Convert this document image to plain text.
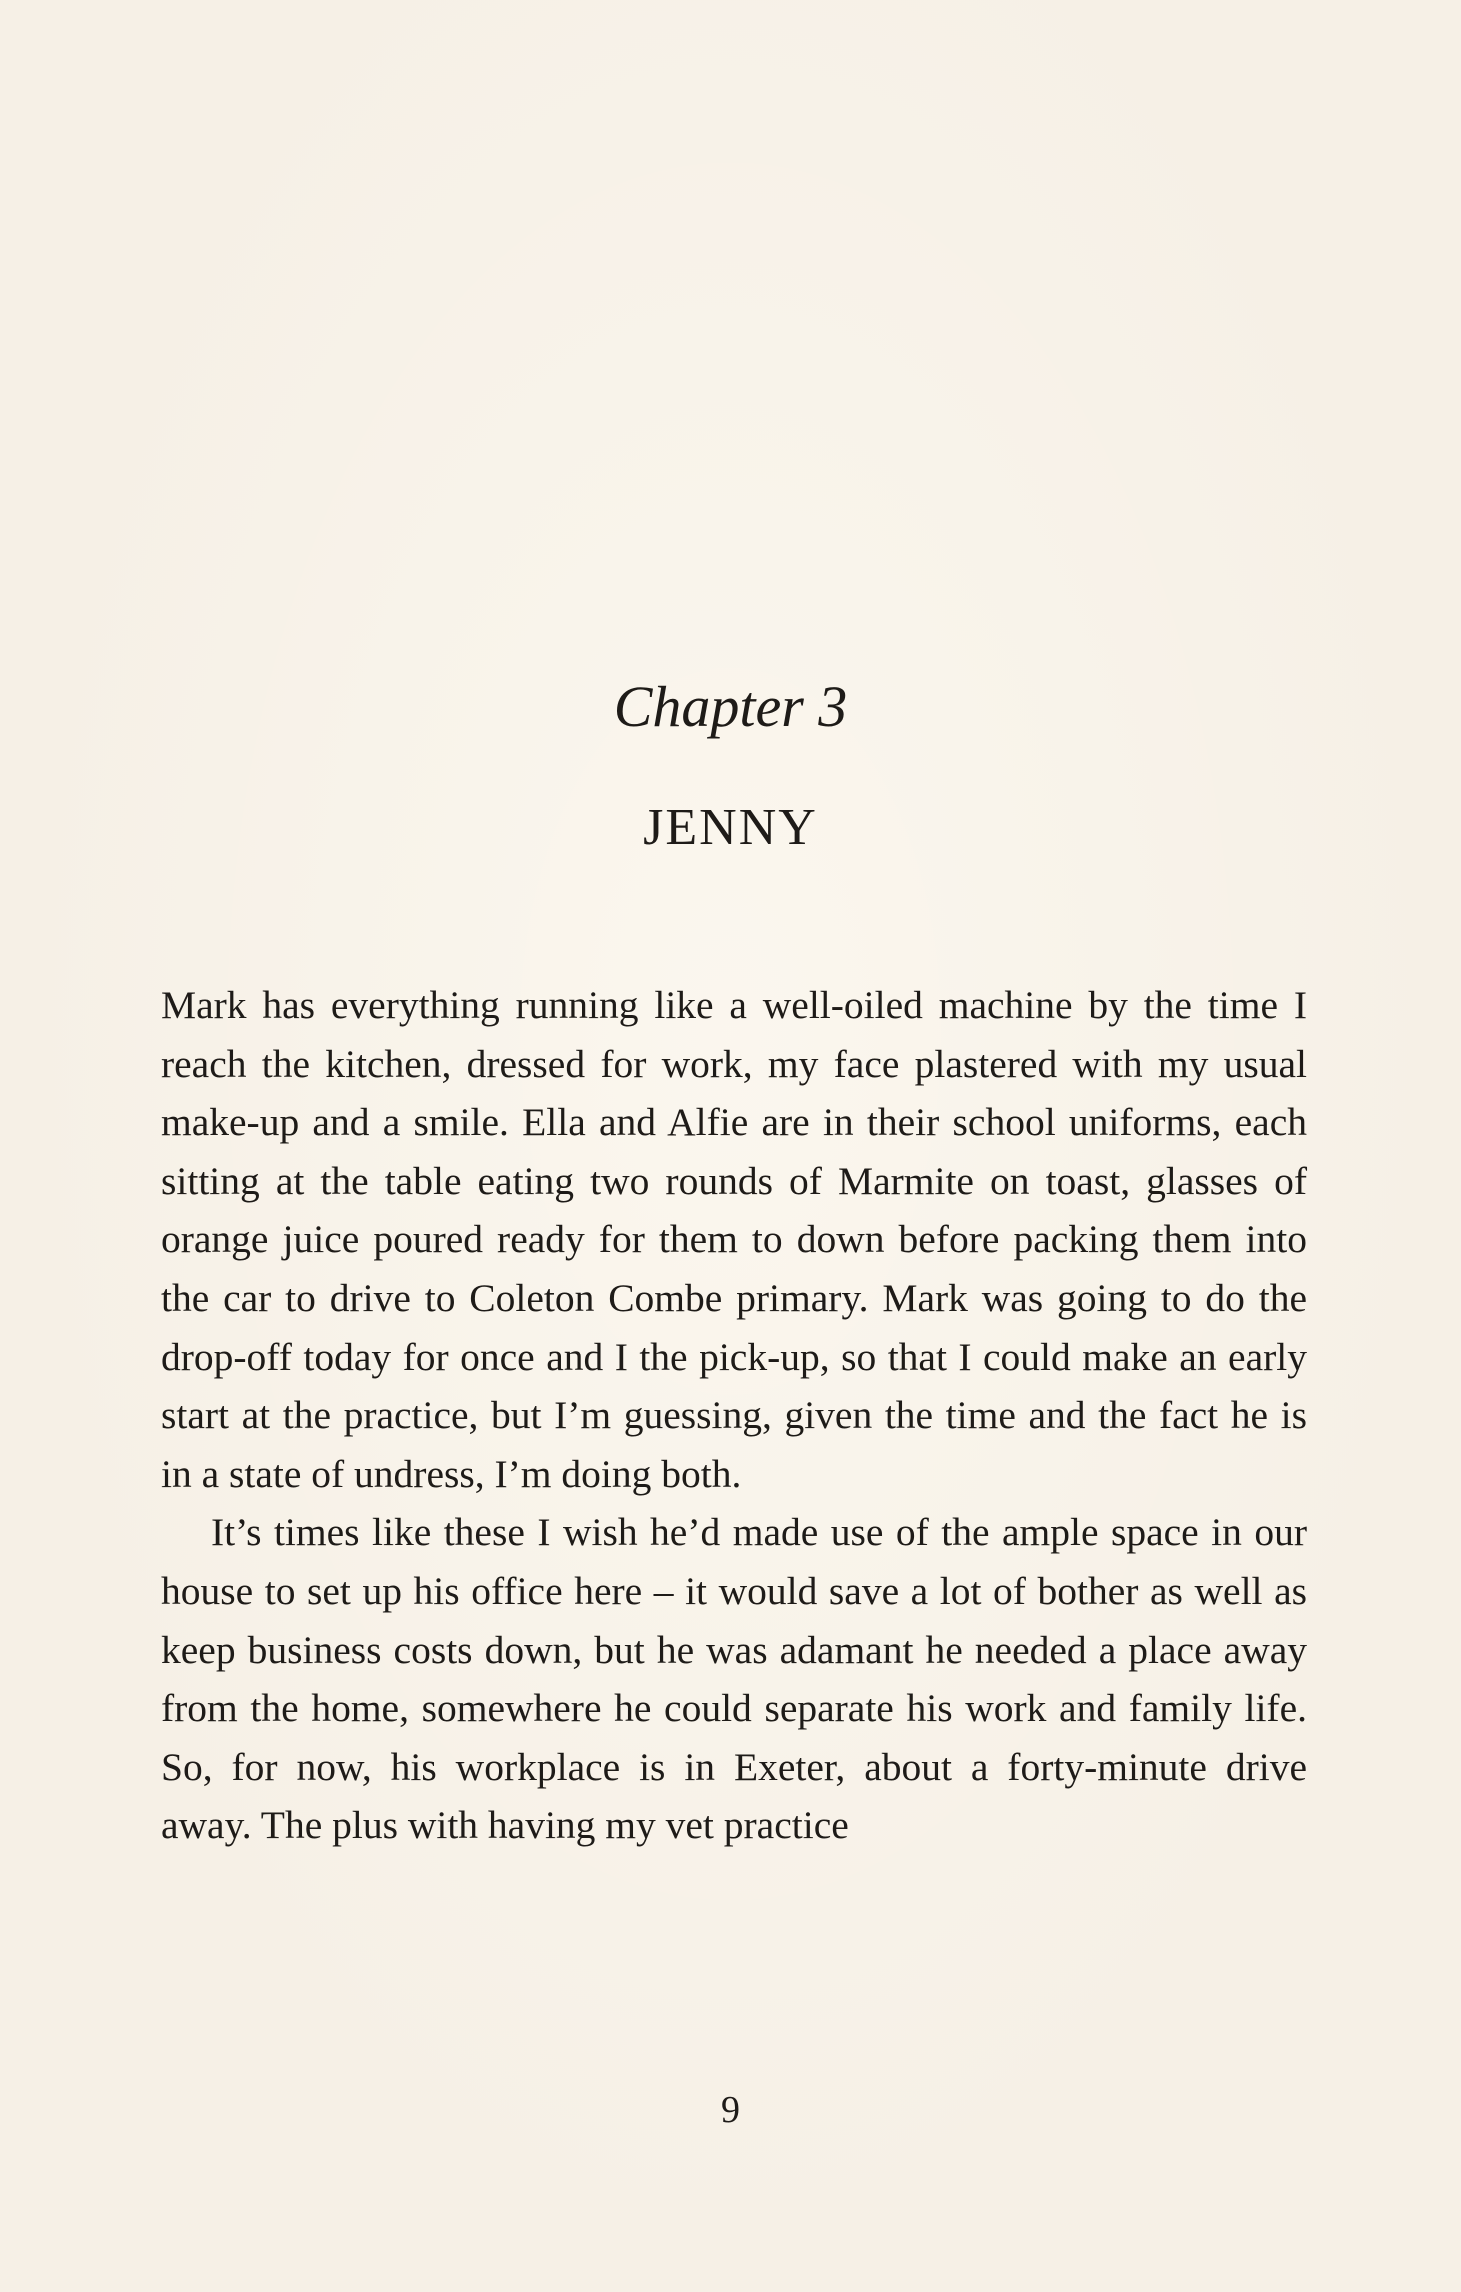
Chapter 3
JENNY

Mark has everything running like a well-oiled machine by the time I reach the kitchen, dressed for work, my face plastered with my usual make-up and a smile. Ella and Alfie are in their school uniforms, each sitting at the table eating two rounds of Marmite on toast, glasses of orange juice poured ready for them to down before packing them into the car to drive to Coleton Combe primary. Mark was going to do the drop-off today for once and I the pick-up, so that I could make an early start at the practice, but I’m guessing, given the time and the fact he is in a state of undress, I’m doing both.

It’s times like these I wish he’d made use of the ample space in our house to set up his office here – it would save a lot of bother as well as keep business costs down, but he was adamant he needed a place away from the home, somewhere he could separate his work and family life. So, for now, his workplace is in Exeter, about a forty-minute drive away. The plus with having my vet practice

9
